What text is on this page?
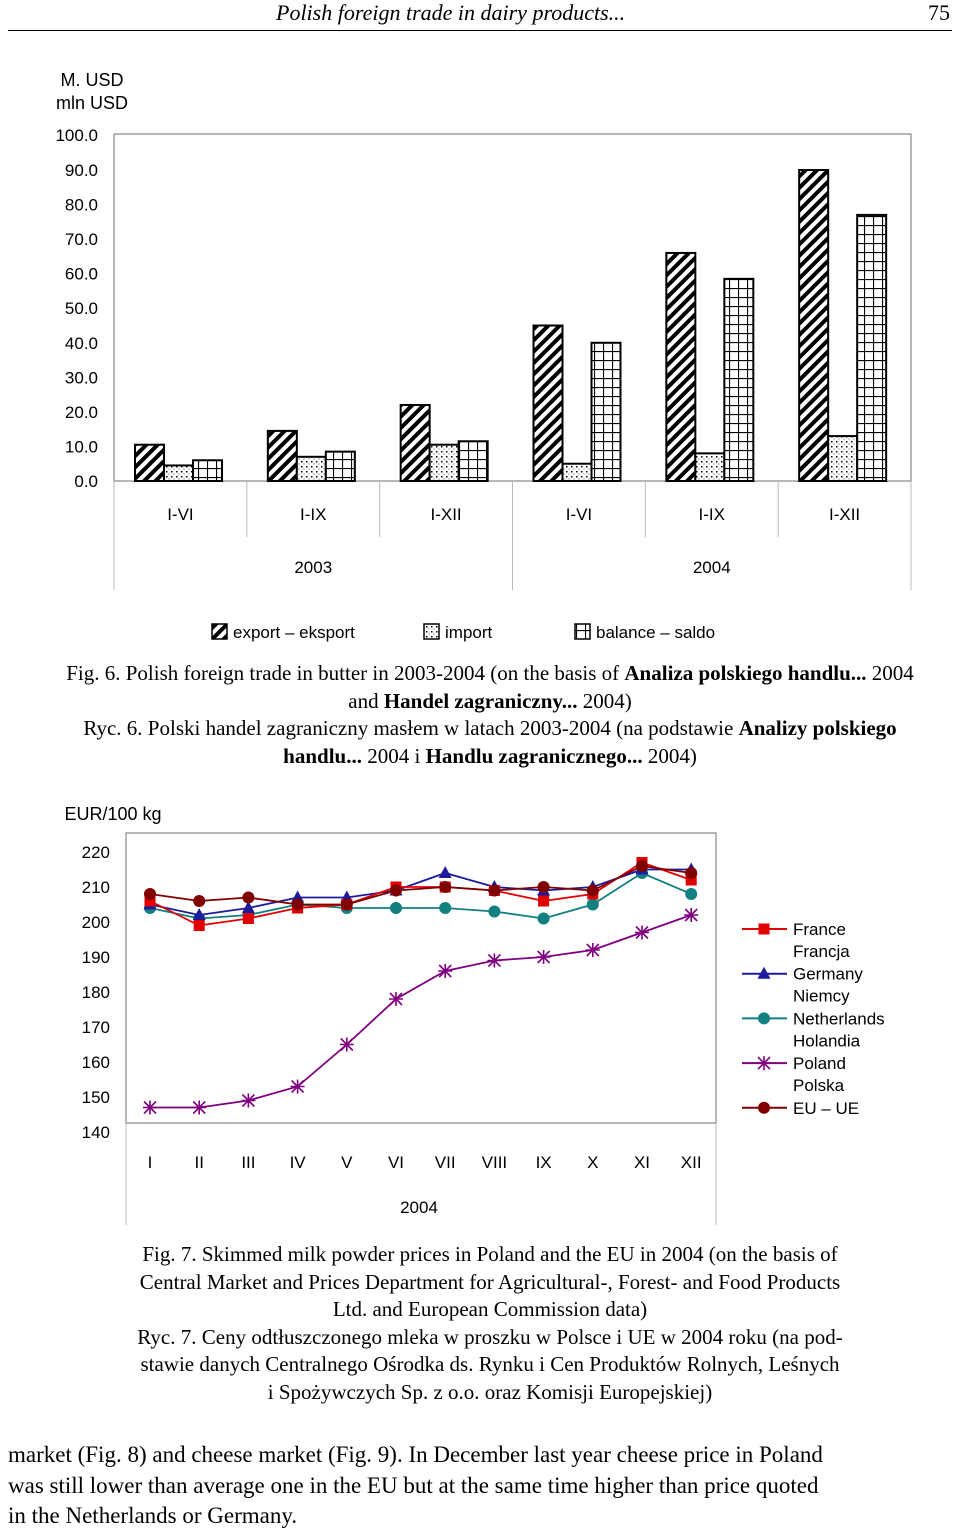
Polish foreign trade in dairy products...	75
M. USD
mln USD
100.0
90.0
80.0
70.0
60.0
50.0
40.0
30.0
20.0
10.0
0.0
I-VI	I-IX	I-XII	I-VI	I-IX	I-XII
2003	2004
export – eksport	import	balance – saldo

Fig. 6. Polish foreign trade in butter in 2003-2004 (on the basis of Analiza polskiego handlu... 2004 and Handel zagraniczny... 2004)

Ryc. 6. Polski handel zagraniczny masłem w latach 2003-2004 (na podstawie Analizy polskiego handlu... 2004 i Handlu zagranicznego... 2004)

EUR/100 kg
220
210
200
190
180
170
160
150
140
I II III IV V VI VII VIII IX X XI XII
2004
France
Francja
Germany
Niemcy
Netherlands
Holandia
Poland
Polska
EU – UE

Fig. 7. Skimmed milk powder prices in Poland and the EU in 2004 (on the basis of

Central Market and Prices Department for Agricultural-, Forest- and Food Products

Ltd. and European Commission data)

Ryc. 7. Ceny odtłuszczonego mleka w proszku w Polsce i UE w 2004 roku (na pod-

stawie danych Centralnego Ośrodka ds. Rynku i Cen Produktów Rolnych, Leśnych

i Spożywczych Sp. z o.o. oraz Komisji Europejskiej)

market (Fig. 8) and cheese market (Fig. 9). In December last year cheese price in Poland
was still lower than average one in the EU but at the same time higher than price quoted
in the Netherlands or Germany.
